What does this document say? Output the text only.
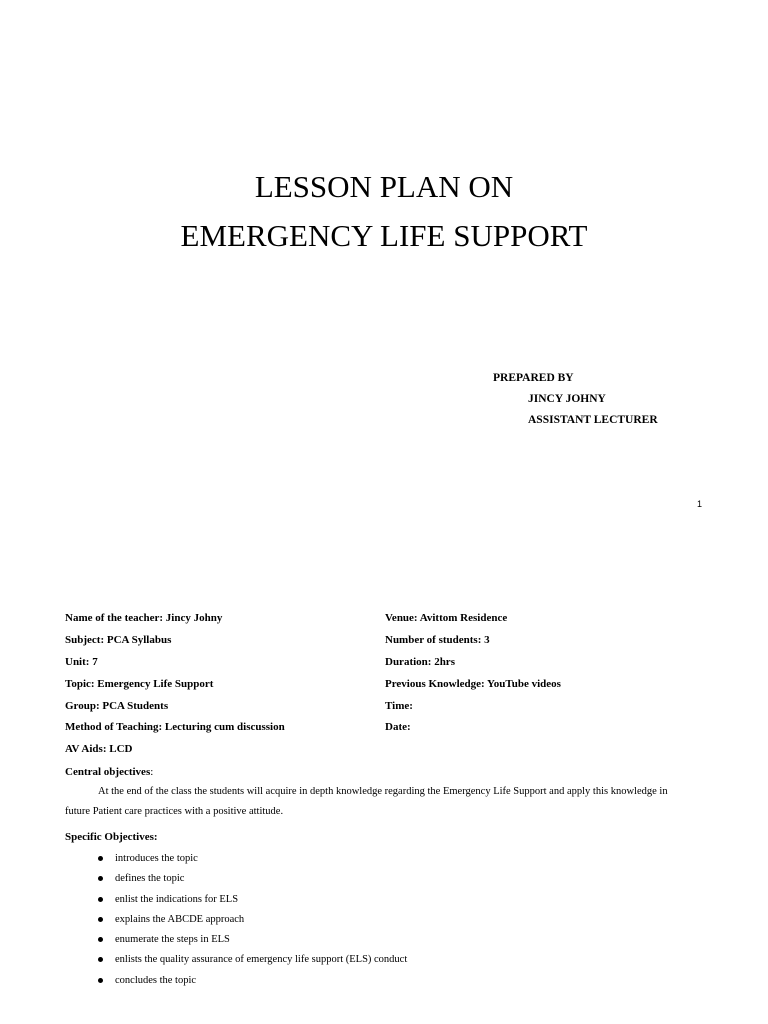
LESSON PLAN ON
EMERGENCY LIFE SUPPORT
PREPARED BY
JINCY JOHNY
ASSISTANT LECTURER
1
Name of the teacher: Jincy Johny
Subject: PCA Syllabus
Unit: 7
Topic: Emergency Life Support
Group: PCA Students
Method of Teaching: Lecturing cum discussion
AV Aids: LCD
Venue: Avittom Residence
Number of students: 3
Duration: 2hrs
Previous Knowledge: YouTube videos
Time:
Date:
Central objectives:

At the end of the class the students will acquire in depth knowledge regarding the Emergency Life Support and apply this knowledge in future Patient care practices with a positive attitude.

Specific Objectives:
introduces the topic
defines the topic
enlist the indications for ELS
explains the ABCDE approach
enumerate the steps in ELS
enlists the quality assurance of emergency life support (ELS) conduct
concludes the topic
